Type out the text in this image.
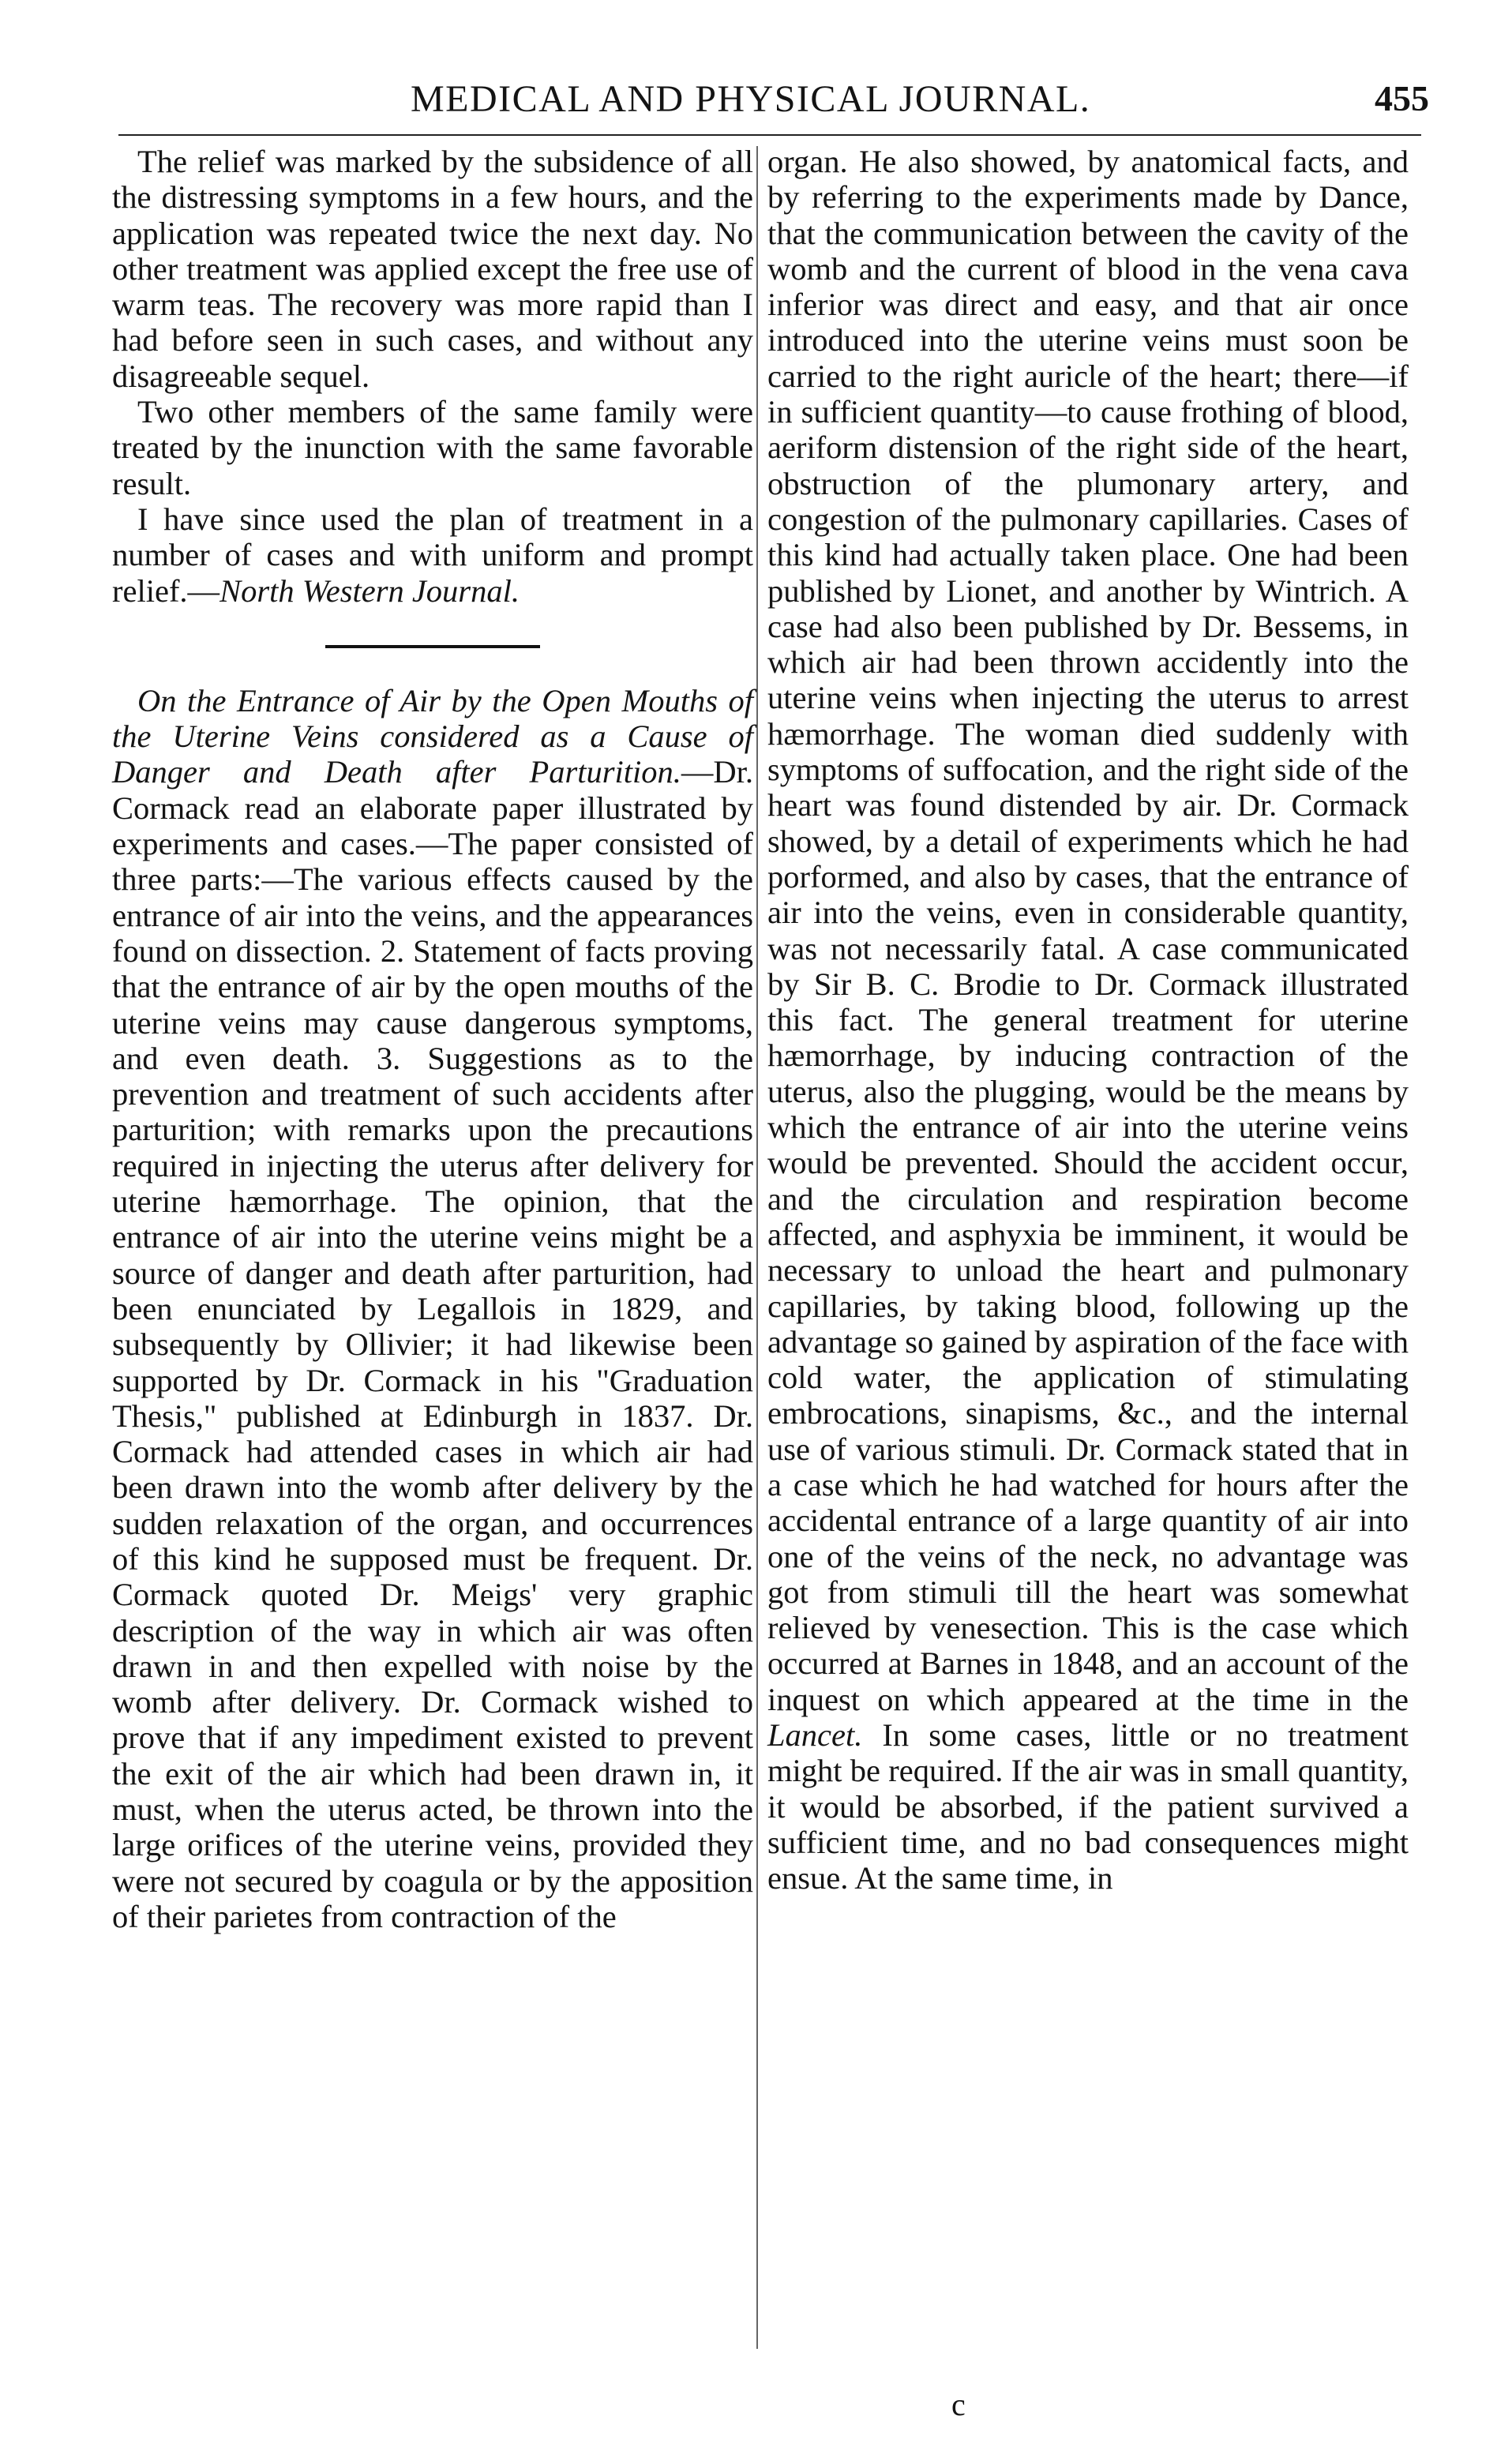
MEDICAL AND PHYSICAL JOURNAL.	455

The relief was marked by the subsidence of all the distressing symptoms in a few hours, and the application was repeated twice the next day. No other treatment was applied except the free use of warm teas. The recovery was more rapid than I had before seen in such cases, and without any disagreeable sequel.

Two other members of the same family were treated by the inunction with the same favorable result.

I have since used the plan of treatment in a number of cases and with uniform and prompt relief.—North Western Journal.

On the Entrance of Air by the Open Mouths of the Uterine Veins considered as a Cause of Danger and Death after Parturition.—Dr. Cormack read an elaborate paper illustrated by experiments and cases.—The paper consisted of three parts:—The various effects caused by the entrance of air into the veins, and the appearances found on dissection. 2. Statement of facts proving that the entrance of air by the open mouths of the uterine veins may cause dangerous symptoms, and even death. 3. Suggestions as to the prevention and treatment of such accidents after parturition; with remarks upon the precautions required in injecting the uterus after delivery for uterine hæmorrhage. The opinion, that the entrance of air into the uterine veins might be a source of danger and death after parturition, had been enunciated by Legallois in 1829, and subsequently by Ollivier; it had likewise been supported by Dr. Cormack in his "Graduation Thesis," published at Edinburgh in 1837. Dr. Cormack had attended cases in which air had been drawn into the womb after delivery by the sudden relaxation of the organ, and occurrences of this kind he supposed must be frequent. Dr. Cormack quoted Dr. Meigs' very graphic description of the way in which air was often drawn in and then expelled with noise by the womb after delivery. Dr. Cormack wished to prove that if any impediment existed to prevent the exit of the air which had been drawn in, it must, when the uterus acted, be thrown into the large orifices of the uterine veins, provided they were not secured by coagula or by the apposition of their parietes from contraction of the

organ. He also showed, by anatomical facts, and by referring to the experiments made by Dance, that the communication between the cavity of the womb and the current of blood in the vena cava inferior was direct and easy, and that air once introduced into the uterine veins must soon be carried to the right auricle of the heart; there—if in sufficient quantity—to cause frothing of blood, aeriform distension of the right side of the heart, obstruction of the plumonary artery, and congestion of the pulmonary capillaries. Cases of this kind had actually taken place. One had been published by Lionet, and another by Wintrich. A case had also been published by Dr. Bessems, in which air had been thrown accidently into the uterine veins when injecting the uterus to arrest hæmorrhage. The woman died suddenly with symptoms of suffocation, and the right side of the heart was found distended by air. Dr. Cormack showed, by a detail of experiments which he had porformed, and also by cases, that the entrance of air into the veins, even in considerable quantity, was not necessarily fatal. A case communicated by Sir B. C. Brodie to Dr. Cormack illustrated this fact. The general treatment for uterine hæmorrhage, by inducing contraction of the uterus, also the plugging, would be the means by which the entrance of air into the uterine veins would be prevented. Should the accident occur, and the circulation and respiration become affected, and asphyxia be imminent, it would be necessary to unload the heart and pulmonary capillaries, by taking blood, following up the advantage so gained by aspiration of the face with cold water, the application of stimulating embrocations, sinapisms, &c., and the internal use of various stimuli. Dr. Cormack stated that in a case which he had watched for hours after the accidental entrance of a large quantity of air into one of the veins of the neck, no advantage was got from stimuli till the heart was somewhat relieved by venesection. This is the case which occurred at Barnes in 1848, and an account of the inquest on which appeared at the time in the Lancet. In some cases, little or no treatment might be required. If the air was in small quantity, it would be absorbed, if the patient survived a sufficient time, and no bad consequences might ensue. At the same time, in

c
